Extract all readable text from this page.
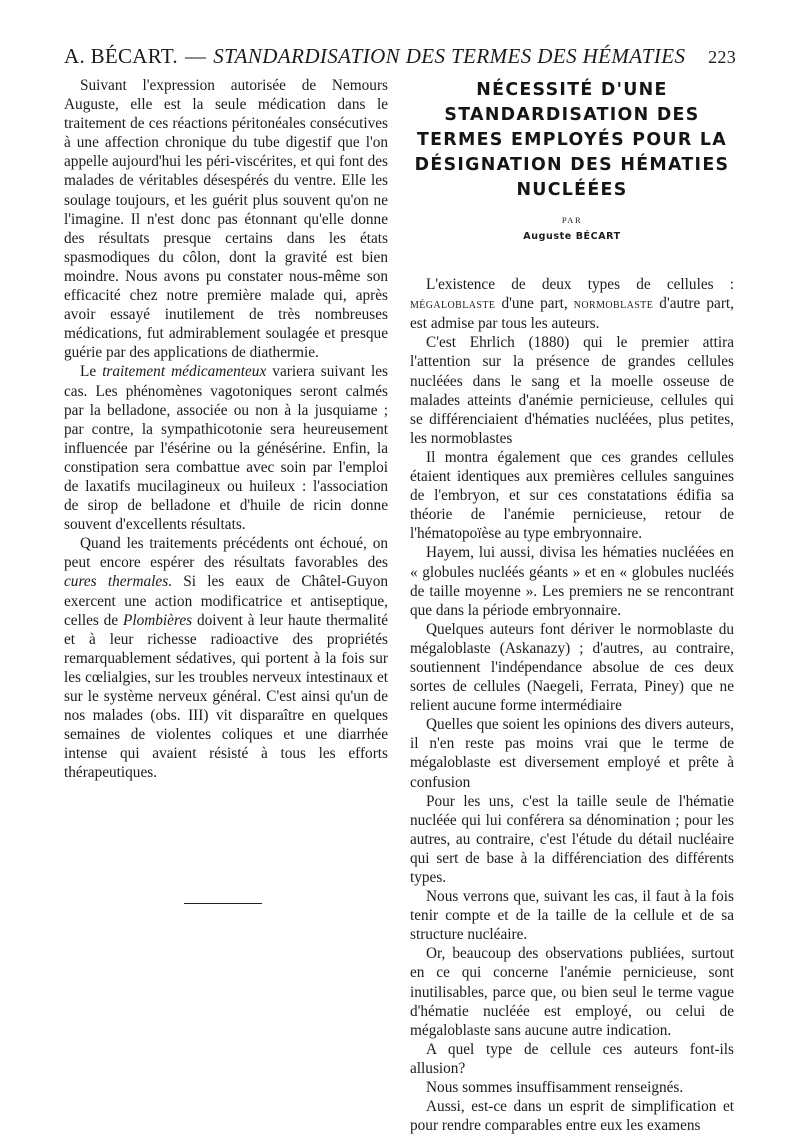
A. BÉCART. — STANDARDISATION DES TERMES DES HÉMATIES 223

Suivant l'expression autorisée de Nemours Auguste, elle est la seule médication dans le traitement de ces réactions péritonéales consécutives à une affection chronique du tube digestif que l'on appelle aujourd'hui les péri-viscérites, et qui font des malades de véritables désespérés du ventre. Elle les soulage toujours, et les guérit plus souvent qu'on ne l'imagine. Il n'est donc pas étonnant qu'elle donne des résultats presque certains dans les états spasmodiques du côlon, dont la gravité est bien moindre. Nous avons pu constater nous-même son efficacité chez notre première malade qui, après avoir essayé inutilement de très nombreuses médications, fut admirablement soulagée et presque guérie par des applications de diathermie.

Le traitement médicamenteux variera suivant les cas. Les phénomènes vagotoniques seront calmés par la belladone, associée ou non à la jusquiame ; par contre, la sympathicotonie sera heureusement influencée par l'ésérine ou la génésérine. Enfin, la constipation sera combattue avec soin par l'emploi de laxatifs mucilagineux ou huileux : l'association de sirop de belladone et d'huile de ricin donne souvent d'excellents résultats.

Quand les traitements précédents ont échoué, on peut encore espérer des résultats favorables des cures thermales. Si les eaux de Châtel-Guyon exercent une action modificatrice et antiseptique, celles de Plombières doivent à leur haute thermalité et à leur richesse radioactive des propriétés remarquablement sédatives, qui portent à la fois sur les cœlialgies, sur les troubles nerveux intestinaux et sur le système nerveux général. C'est ainsi qu'un de nos malades (obs. III) vit disparaître en quelques semaines de violentes coliques et une diarrhée intense qui avaient résisté à tous les efforts thérapeutiques.

NÉCESSITÉ D'UNE
STANDARDISATION DES
TERMES EMPLOYÉS POUR LA
DÉSIGNATION DES HÉMATIES
NUCLÉÉES
PAR
Auguste BÉCART

L'existence de deux types de cellules : mégaloblaste d'une part, normoblaste d'autre part, est admise par tous les auteurs.

C'est Ehrlich (1880) qui le premier attira l'attention sur la présence de grandes cellules nucléées dans le sang et la moelle osseuse de malades atteints d'anémie pernicieuse, cellules qui se différenciaient d'hématies nucléées, plus petites, les normoblastes

Il montra également que ces grandes cellules étaient identiques aux premières cellules sanguines de l'embryon, et sur ces constatations édifia sa théorie de l'anémie pernicieuse, retour de l'hématopoïèse au type embryonnaire.

Hayem, lui aussi, divisa les hématies nucléées en « globules nucléés géants » et en « globules nucléés de taille moyenne ». Les premiers ne se rencontrant que dans la période embryonnaire.

Quelques auteurs font dériver le normoblaste du mégaloblaste (Askanazy) ; d'autres, au contraire, soutiennent l'indépendance absolue de ces deux sortes de cellules (Naegeli, Ferrata, Piney) que ne relient aucune forme intermédiaire

Quelles que soient les opinions des divers auteurs, il n'en reste pas moins vrai que le terme de mégaloblaste est diversement employé et prête à confusion

Pour les uns, c'est la taille seule de l'hématie nucléée qui lui conférera sa dénomination ; pour les autres, au contraire, c'est l'étude du détail nucléaire qui sert de base à la différenciation des différents types.

Nous verrons que, suivant les cas, il faut à la fois tenir compte et de la taille de la cellule et de sa structure nucléaire.

Or, beaucoup des observations publiées, surtout en ce qui concerne l'anémie pernicieuse, sont inutilisables, parce que, ou bien seul le terme vague d'hématie nucléée est employé, ou celui de mégaloblaste sans aucune autre indication.

A quel type de cellule ces auteurs font-ils allusion?

Nous sommes insuffisamment renseignés.

Aussi, est-ce dans un esprit de simplification et pour rendre comparables entre eux les examens
